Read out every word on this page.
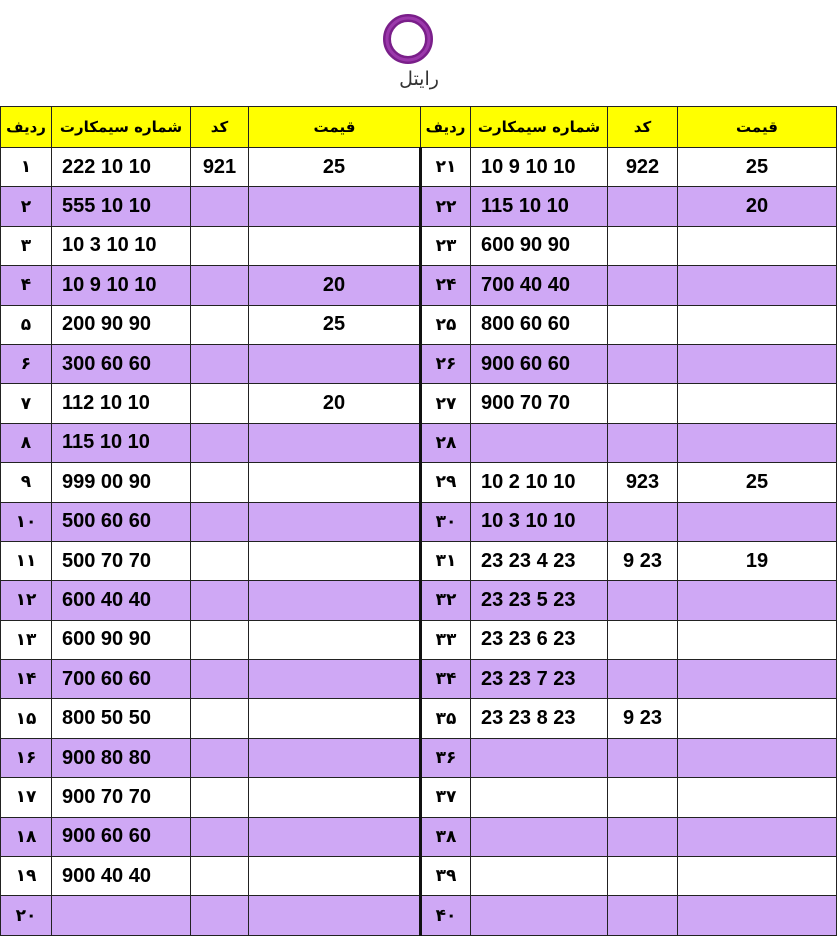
رایتل
ردیف	شماره سیمکارت	کد	قیمت	ردیف	شماره سیمکارت	کد	قیمت
۱	222 10 10	921	25	۲۱	10 9 10 10	922	25
۲	555 10 10			۲۲	115 10 10		20
۳	10 3 10 10			۲۳	600 90 90		
۴	10 9 10 10		20	۲۴	700 40 40		
۵	200 90 90		25	۲۵	800 60 60		
۶	300 60 60			۲۶	900 60 60		
۷	112 10 10		20	۲۷	900 70 70		
۸	115 10 10			۲۸			
۹	999 00 90			۲۹	10 2 10 10	923	25
۱۰	500 60 60			۳۰	10 3 10 10		
۱۱	500 70 70			۳۱	23 23 4 23	9 23	19
۱۲	600 40 40			۳۲	23 23 5 23		
۱۳	600 90 90			۳۳	23 23 6 23		
۱۴	700 60 60			۳۴	23 23 7 23		
۱۵	800 50 50			۳۵	23 23 8 23	9 23	
۱۶	900 80 80			۳۶			
۱۷	900 70 70			۳۷			
۱۸	900 60 60			۳۸			
۱۹	900 40 40			۳۹			
۲۰				۴۰			
